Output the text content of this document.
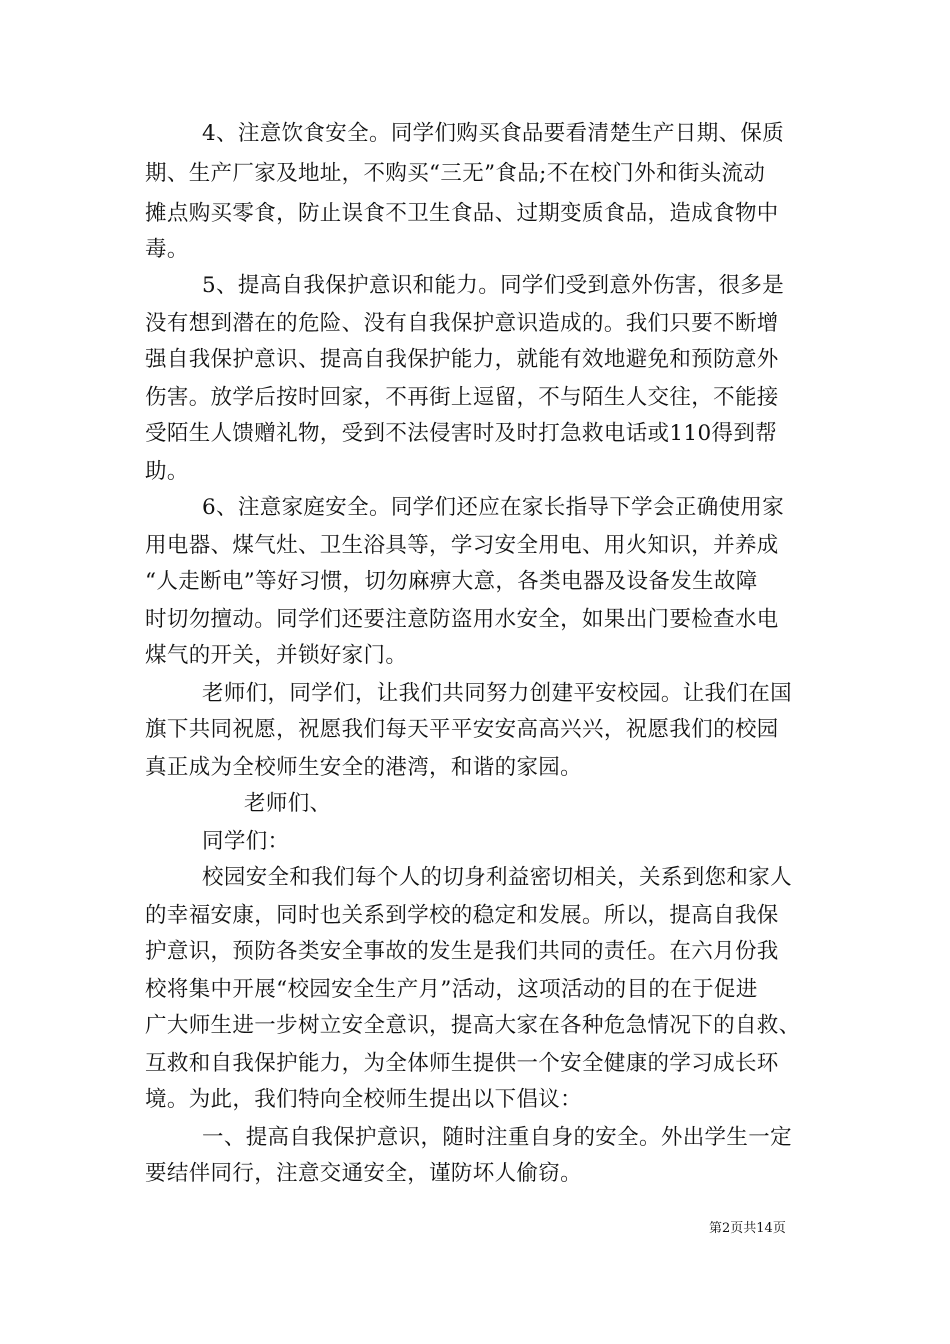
4、注意饮食安全。同学们购买食品要看清楚生产日期、保质
期、生产厂家及地址，不购买“三无”食品;不在校门外和街头流动
摊点购买零食，防止误食不卫生食品、过期变质食品，造成食物中
毒。
5、提高自我保护意识和能力。同学们受到意外伤害，很多是
没有想到潜在的危险、没有自我保护意识造成的。我们只要不断增
强自我保护意识、提高自我保护能力，就能有效地避免和预防意外
伤害。放学后按时回家，不再街上逗留，不与陌生人交往，不能接
受陌生人馈赠礼物，受到不法侵害时及时打急救电话或110得到帮
助。
6、注意家庭安全。同学们还应在家长指导下学会正确使用家
用电器、煤气灶、卫生浴具等，学习安全用电、用火知识，并养成
“人走断电”等好习惯，切勿麻痹大意，各类电器及设备发生故障
时切勿擅动。同学们还要注意防盗用水安全，如果出门要检查水电
煤气的开关，并锁好家门。
老师们，同学们，让我们共同努力创建平安校园。让我们在国
旗下共同祝愿，祝愿我们每天平平安安高高兴兴，祝愿我们的校园
真正成为全校师生安全的港湾，和谐的家园。
老师们、
同学们：
校园安全和我们每个人的切身利益密切相关，关系到您和家人
的幸福安康，同时也关系到学校的稳定和发展。所以，提高自我保
护意识，预防各类安全事故的发生是我们共同的责任。在六月份我
校将集中开展“校园安全生产月”活动，这项活动的目的在于促进
广大师生进一步树立安全意识，提高大家在各种危急情况下的自救、
互救和自我保护能力，为全体师生提供一个安全健康的学习成长环
境。为此，我们特向全校师生提出以下倡议：
一、提高自我保护意识，随时注重自身的安全。外出学生一定
要结伴同行，注意交通安全，谨防坏人偷窃。
第2页共14页
